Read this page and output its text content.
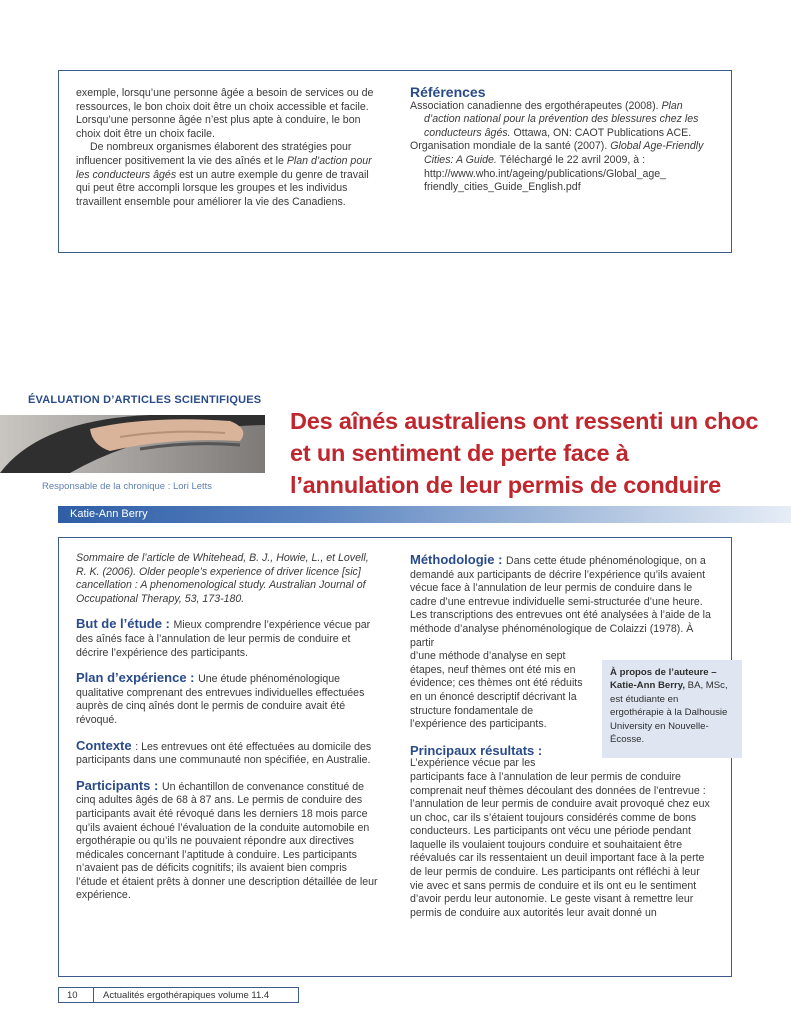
exemple, lorsqu’une personne âgée a besoin de services ou de ressources, le bon choix doit être un choix accessible et facile. Lorsqu’une personne âgée n’est plus apte à conduire, le bon choix doit être un choix facile.

De nombreux organismes élaborent des stratégies pour influencer positivement la vie des aînés et le Plan d’action pour les conducteurs âgés est un autre exemple du genre de travail qui peut être accompli lorsque les groupes et les individus travaillent ensemble pour améliorer la vie des Canadiens.

Références

Association canadienne des ergothérapeutes (2008). Plan d’action national pour la prévention des blessures chez les conducteurs âgés. Ottawa, ON: CAOT Publications ACE.

Organisation mondiale de la santé (2007). Global Age-Friendly Cities: A Guide. Téléchargé le 22 avril 2009, à : http://www.who.int/ageing/publications/Global_age_ friendly_cities_Guide_English.pdf

ÉVALUATION D’ARTICLES SCIENTIFIQUES
Responsable de la chronique : Lori Letts
Des aînés australiens ont ressenti un choc et un sentiment de perte face à l’annulation de leur permis de conduire
Katie-Ann Berry

Sommaire de l’article de Whitehead, B. J., Howie, L., et Lovell, R. K. (2006). Older people’s experience of driver licence [sic] cancellation : A phenomenological study. Australian Journal of Occupational Therapy, 53, 173-180.

But de l’étude : Mieux comprendre l’expérience vécue par des aînés face à l’annulation de leur permis de conduire et décrire l’expérience des participants.

Plan d’expérience : Une étude phénoménologique qualitative comprenant des entrevues individuelles effectuées auprès de cinq aînés dont le permis de conduire avait été révoqué.

Contexte : Les entrevues ont été effectuées au domicile des participants dans une communauté non spécifiée, en Australie.

Participants : Un échantillon de convenance constitué de cinq adultes âgés de 68 à 87 ans. Le permis de conduire des participants avait été révoqué dans les derniers 18 mois parce qu’ils avaient échoué l’évaluation de la conduite automobile en ergothérapie ou qu’ils ne pouvaient répondre aux directives médicales concernant l’aptitude à conduire. Les participants n’avaient pas de déficits cognitifs; ils avaient bien compris l’étude et étaient prêts à donner une description détaillée de leur expérience.

Méthodologie : Dans cette étude phénoménologique, on a demandé aux participants de décrire l’expérience qu’ils avaient vécue face à l’annulation de leur permis de conduire dans le cadre d’une entrevue individuelle semi-structurée d’une heure. Les transcriptions des entrevues ont été analysées à l’aide de la méthode d’analyse phénoménologique de Colaizzi (1978). À partir

d’une méthode d’analyse en sept étapes, neuf thèmes ont été mis en évidence; ces thèmes ont été réduits en un énoncé descriptif décrivant la structure fondamentale de l’expérience des participants.

Principaux résultats :

L’expérience vécue par les

participants face à l’annulation de leur permis de conduire comprenait neuf thèmes découlant des données de l’entrevue : l’annulation de leur permis de conduire avait provoqué chez eux un choc, car ils s’étaient toujours considérés comme de bons conducteurs. Les participants ont vécu une période pendant laquelle ils voulaient toujours conduire et souhaitaient être réévalués car ils ressentaient un deuil important face à la perte de leur permis de conduire. Les participants ont réfléchi à leur vie avec et sans permis de conduire et ils ont eu le sentiment d’avoir perdu leur autonomie. Le geste visant à remettre leur permis de conduire aux autorités leur avait donné un

À propos de l’auteure –
Katie-Ann Berry, BA, MSc, est étudiante en ergothérapie à la Dalhousie University en Nouvelle-Écosse.
10	Actualités ergothérapiques volume 11.4
